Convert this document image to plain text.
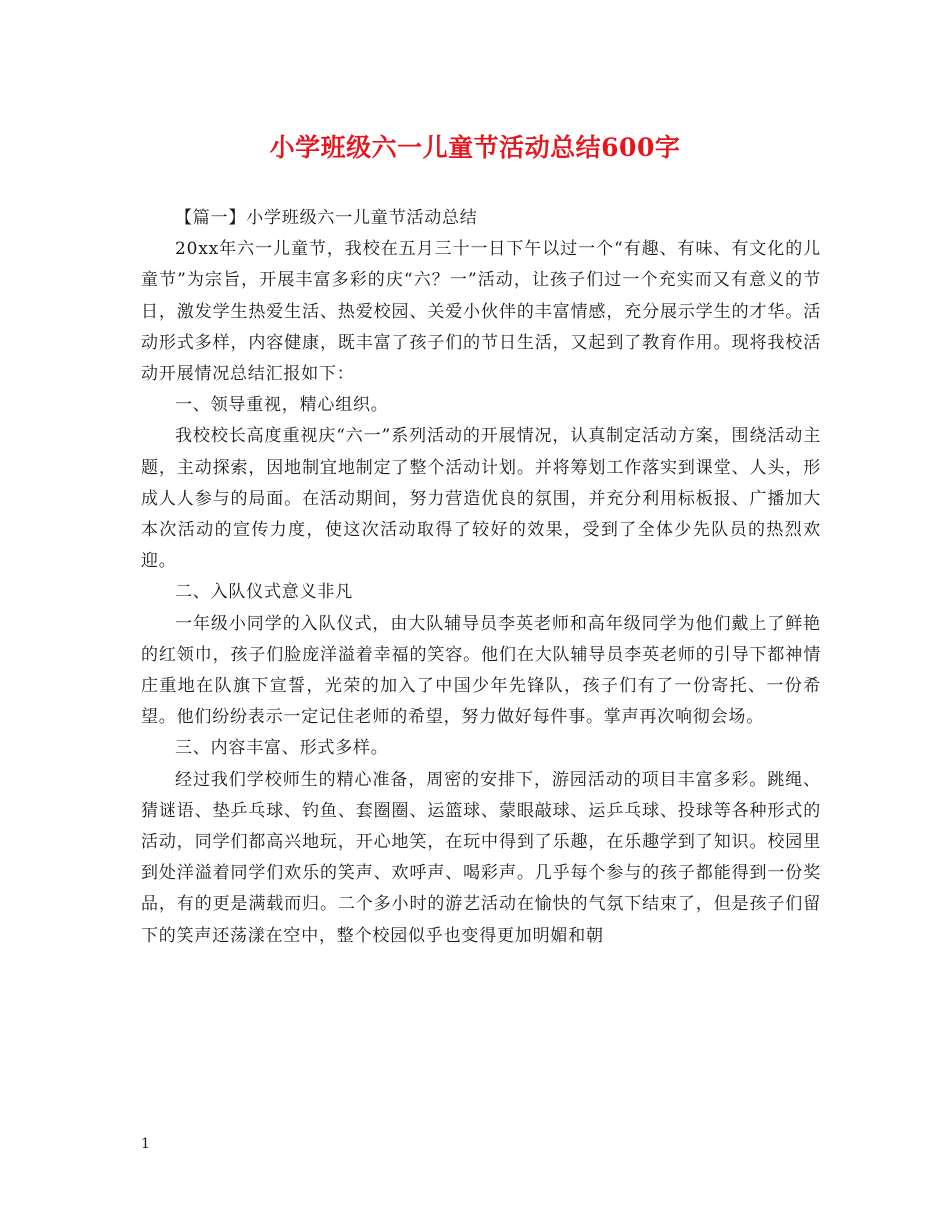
小学班级六一儿童节活动总结600字

【篇一】小学班级六一儿童节活动总结

20xx年六一儿童节，我校在五月三十一日下午以过一个“有趣、有味、有文化的儿童节”为宗旨，开展丰富多彩的庆“六？一”活动，让孩子们过一个充实而又有意义的节日，激发学生热爱生活、热爱校园、关爱小伙伴的丰富情感，充分展示学生的才华。活动形式多样，内容健康，既丰富了孩子们的节日生活，又起到了教育作用。现将我校活动开展情况总结汇报如下：

一、领导重视，精心组织。

我校校长高度重视庆“六一”系列活动的开展情况，认真制定活动方案，围绕活动主题，主动探索，因地制宜地制定了整个活动计划。并将筹划工作落实到课堂、人头，形成人人参与的局面。在活动期间，努力营造优良的氛围，并充分利用标板报、广播加大本次活动的宣传力度，使这次活动取得了较好的效果，受到了全体少先队员的热烈欢迎。

二、入队仪式意义非凡

一年级小同学的入队仪式，由大队辅导员李英老师和高年级同学为他们戴上了鲜艳的红领巾，孩子们脸庞洋溢着幸福的笑容。他们在大队辅导员李英老师的引导下都神情庄重地在队旗下宣誓，光荣的加入了中国少年先锋队，孩子们有了一份寄托、一份希望。他们纷纷表示一定记住老师的希望，努力做好每件事。掌声再次响彻会场。

三、内容丰富、形式多样。

经过我们学校师生的精心准备，周密的安排下，游园活动的项目丰富多彩。跳绳、猜谜语、垫乒乓球、钓鱼、套圈圈、运篮球、蒙眼敲球、运乒乓球、投球等各种形式的活动，同学们都高兴地玩，开心地笑，在玩中得到了乐趣，在乐趣学到了知识。校园里到处洋溢着同学们欢乐的笑声、欢呼声、喝彩声。几乎每个参与的孩子都能得到一份奖品，有的更是满载而归。二个多小时的游艺活动在愉快的气氛下结束了，但是孩子们留下的笑声还荡漾在空中，整个校园似乎也变得更加明媚和朝

1
